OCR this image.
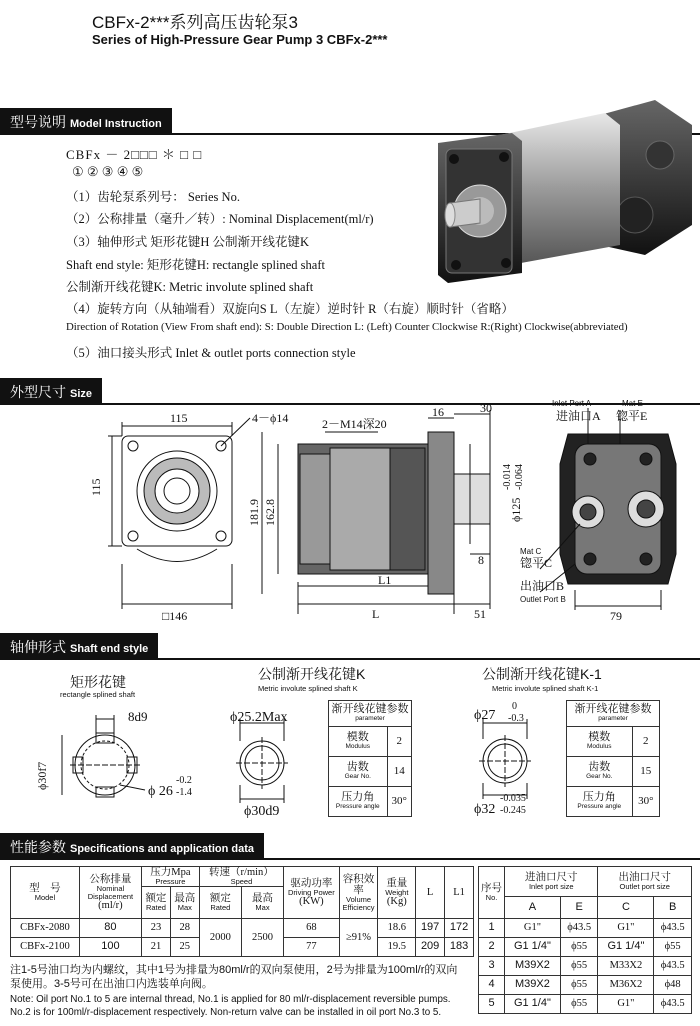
CBFx-2***系列高压齿轮泵3
Series of High-Pressure Gear Pump 3 CBFx-2***
型号说明 Model Instruction
CBFx － 2□□□ ＊ □ □
① ② ③ ④ ⑤
（1）齿轮泵系列号： Series No.
（2）公称排量（毫升／转）: Nominal Displacement(ml/r)
（3）轴伸形式 矩形花键H 公制渐开线花键K
Shaft end style: 矩形花键H: rectangle splined shaft
公制渐开线花键K: Metric involute splined shaft
（4）旋转方向（从轴端看）双旋向S L（左旋）逆时针 R（右旋）顺时针（省略）
Direction of Rotation (View From shaft end): S: Double Direction L: (Left) Counter Clockwise R:(Right) Clockwise(abbreviated)
（5）油口接头形式 Inlet & outlet ports connection style
外型尺寸 Size
115
115
□146
4－ϕ14	2－M14深20
16	30
-0.014 -0.064
ϕ125
181.9 162.8
8
L1
L	51	79
Inlet Port A
进油口A
Mat E
锪平E
Mat C
锪平C
出油口B
Outlet Port B
轴伸形式 Shaft end style
矩形花键
rectangle splined shaft
公制渐开线花键K
Metric involute splined shaft K
公制渐开线花键K-1
Metric involute splined shaft K-1
8d9
ϕ30f7
ϕ 26
-0.2
-1.4
ϕ25.2Max
ϕ30d9
ϕ27
0
-0.3
ϕ32
-0.035
-0.245
渐开线花键参数
parameter	

模数
Modulus	2
齿数
Gear No.	14
压力角
Pressure angle	30°
渐开线花键参数
parameter	

模数
Modulus	2
齿数
Gear No.	15
压力角
Pressure angle	30°
性能参数 Specifications and application data
型　号
Model	公称排量
Nominal Displacement
(ml/r)	压力Mpa
Pressure		转速（r/min）
Speed		驱动功率
Driving Power
(KW)	容积效率
Volume Efficiency	重量
Weight
(Kg)	L	L1
		额定
Rated	最高
Max	额定
Rated	最高
Max					

CBFx-2080	80	23	28	2000	2500	68	≥91%	18.6	197	172
CBFx-2100	100	21	25			77		19.5	209	183
序号
No.	进油口尺寸
Inlet port size		出油口尺寸
Outlet port size	

	A	E	C	B
1	G1"	ϕ43.5	G1"	ϕ43.5
2	G1 1/4"	ϕ55	G1 1/4"	ϕ55
3	M39X2	ϕ55	M33X2	ϕ43.5
4	M39X2	ϕ55	M36X2	ϕ48
5	G1 1/4"	ϕ55	G1"	ϕ43.5
注1-5号油口均为内螺纹，其中1号为排量为80ml/r的双向泵使用，2号为排量为100ml/r的双向泵使用。3-5号可在出油口内选装单向阀。
Note: Oil port No.1 to 5 are internal thread, No.1 is applied for 80 ml/r-displacement reversible pumps. No.2 is for 100ml/r-displacement respectively. Non-return valve can be installed in oil port No.3 to 5.
